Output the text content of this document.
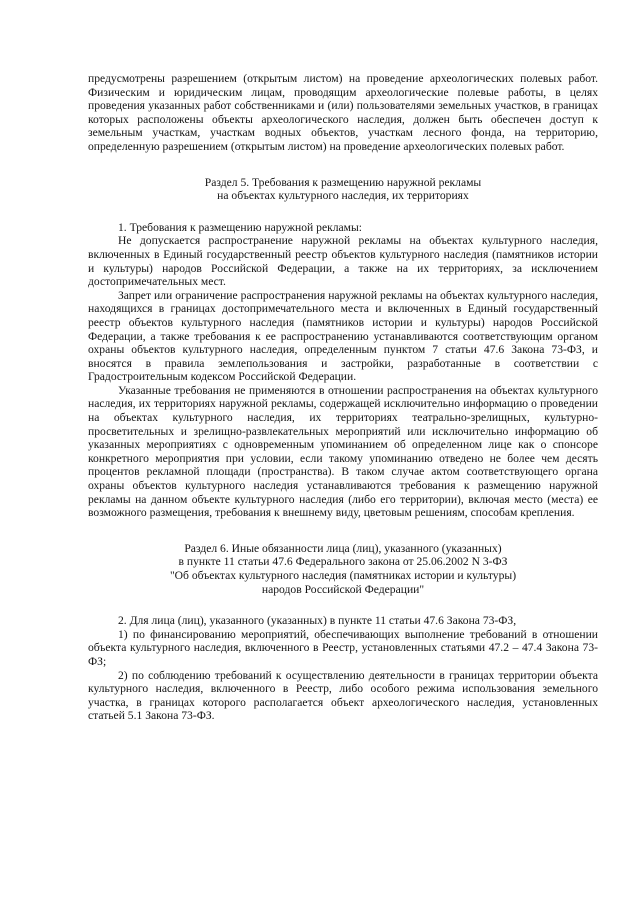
предусмотрены разрешением (открытым листом) на проведение археологических полевых работ. Физическим и юридическим лицам, проводящим археологические полевые работы, в целях проведения указанных работ собственниками и (или) пользователями земельных участков, в границах которых расположены объекты археологического наследия, должен быть обеспечен доступ к земельным участкам, участкам водных объектов, участкам лесного фонда, на территорию, определенную разрешением (открытым листом) на проведение археологических полевых работ.

Раздел 5. Требования к размещению наружной рекламы

на объектах культурного наследия, их территориях

1. Требования к размещению наружной рекламы:

Не допускается распространение наружной рекламы на объектах культурного наследия, включенных в Единый государственный реестр объектов культурного наследия (памятников истории и культуры) народов Российской Федерации, а также на их территориях, за исключением достопримечательных мест.

Запрет или ограничение распространения наружной рекламы на объектах культурного наследия, находящихся в границах достопримечательного места и включенных в Единый государственный реестр объектов культурного наследия (памятников истории и культуры) народов Российской Федерации, а также требования к ее распространению устанавливаются соответствующим органом охраны объектов культурного наследия, определенным пунктом 7 статьи 47.6 Закона 73-ФЗ, и вносятся в правила землепользования и застройки, разработанные в соответствии с Градостроительным кодексом Российской Федерации.

Указанные требования не применяются в отношении распространения на объектах культурного наследия, их территориях наружной рекламы, содержащей исключительно информацию о проведении на объектах культурного наследия, их территориях театрально-зрелищных, культурно-просветительных и зрелищно-развлекательных мероприятий или исключительно информацию об указанных мероприятиях с одновременным упоминанием об определенном лице как о спонсоре конкретного мероприятия при условии, если такому упоминанию отведено не более чем десять процентов рекламной площади (пространства). В таком случае актом соответствующего органа охраны объектов культурного наследия устанавливаются требования к размещению наружной рекламы на данном объекте культурного наследия (либо его территории), включая место (места) ее возможного размещения, требования к внешнему виду, цветовым решениям, способам крепления.

Раздел 6. Иные обязанности лица (лиц), указанного (указанных)

в пункте 11 статьи 47.6 Федерального закона от 25.06.2002 N 3-ФЗ

"Об объектах культурного наследия (памятниках истории и культуры)

народов Российской Федерации"

2. Для лица (лиц), указанного (указанных) в пункте 11 статьи 47.6 Закона 73-ФЗ,

1) по финансированию мероприятий, обеспечивающих выполнение требований в отношении объекта культурного наследия, включенного в Реестр, установленных статьями 47.2 – 47.4 Закона 73-ФЗ;

2) по соблюдению требований к осуществлению деятельности в границах территории объекта культурного наследия, включенного в Реестр, либо особого режима использования земельного участка, в границах которого располагается объект археологического наследия, установленных статьей 5.1 Закона 73-ФЗ.
